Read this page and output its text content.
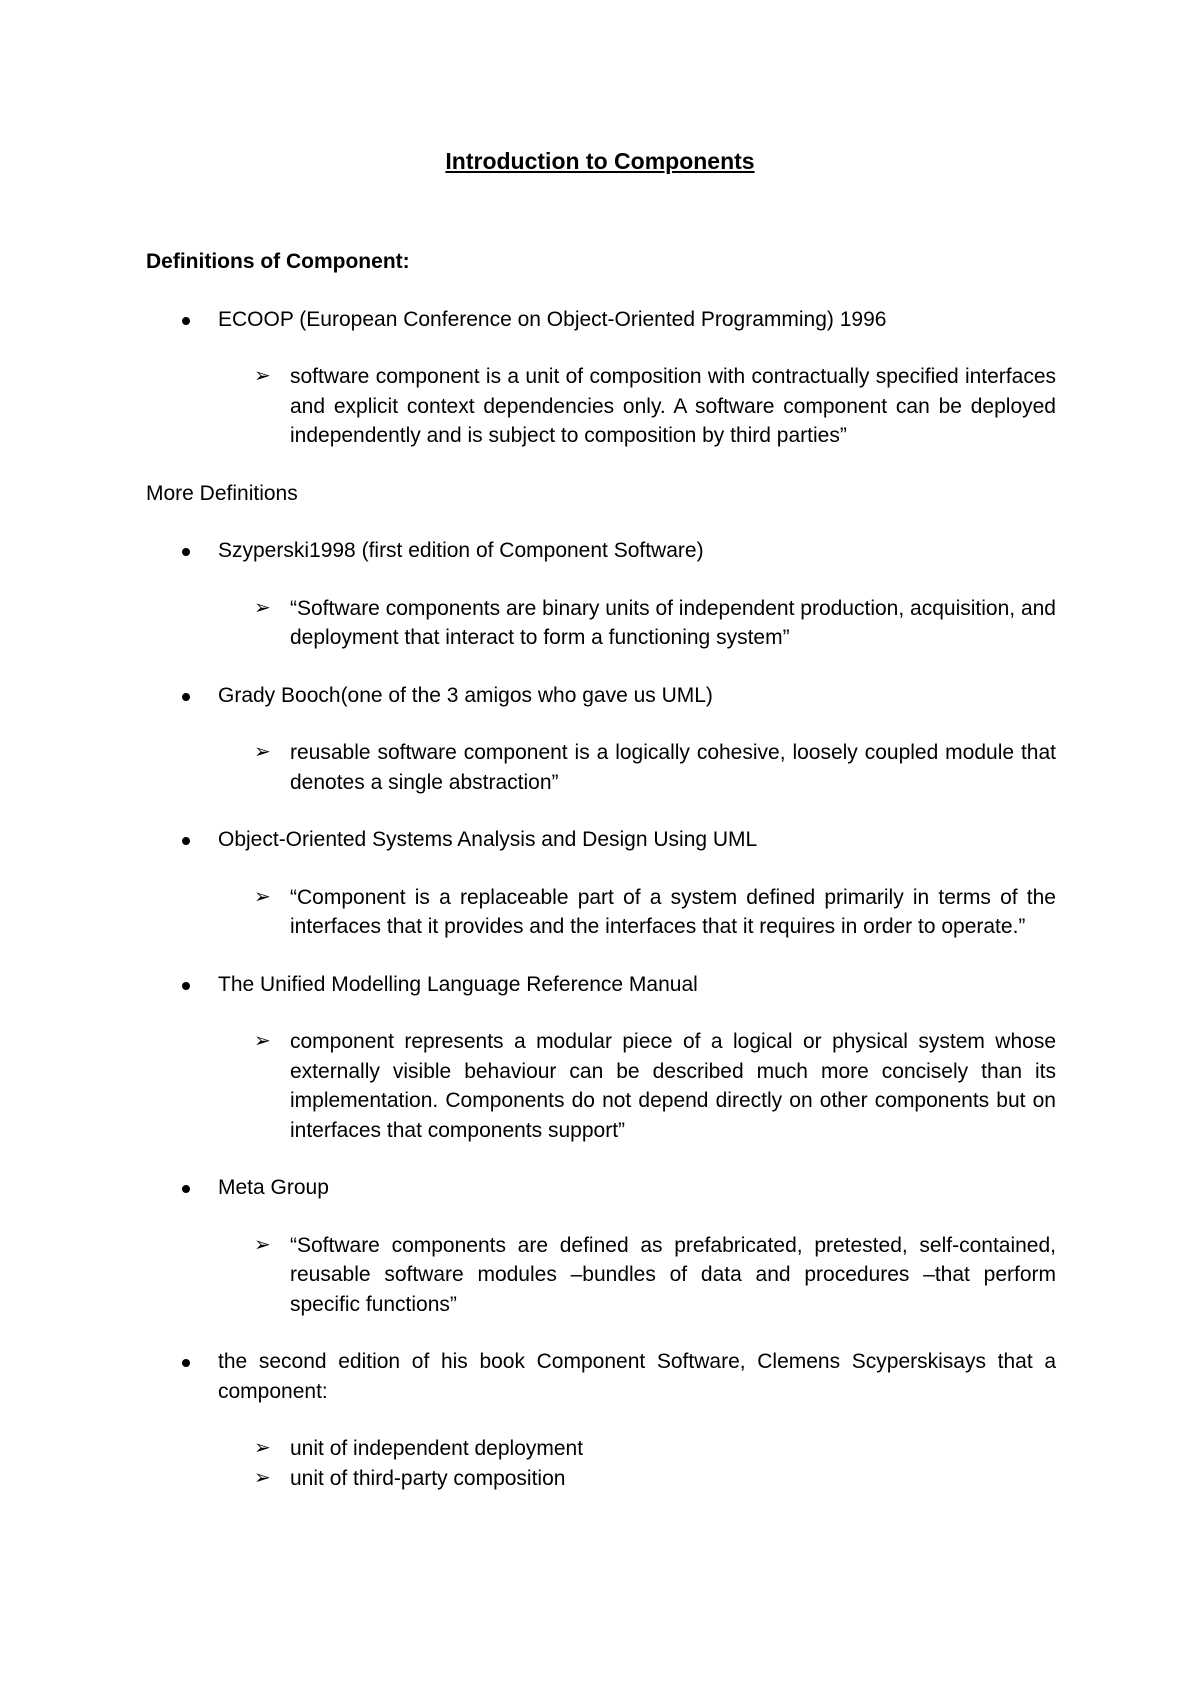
Introduction to Components

Definitions of Component:

ECOOP (European Conference on Object-Oriented Programming) 1996
➢ software component is a unit of composition with contractually specified interfaces and explicit context dependencies only. A software component can be deployed independently and is subject to composition by third parties”

More Definitions

Szyperski1998 (first edition of Component Software)
➢ “Software components are binary units of independent production, acquisition, and deployment that interact to form a functioning system”
Grady Booch(one of the 3 amigos who gave us UML)
➢ reusable software component is a logically cohesive, loosely coupled module that denotes a single abstraction”
Object-Oriented Systems Analysis and Design Using UML
➢ “Component is a replaceable part of a system defined primarily in terms of the interfaces that it provides and the interfaces that it requires in order to operate.”
The Unified Modelling Language Reference Manual
➢ component represents a modular piece of a logical or physical system whose externally visible behaviour can be described much more concisely than its implementation. Components do not depend directly on other components but on interfaces that components support”
Meta Group
➢ “Software components are defined as prefabricated, pretested, self-contained, reusable software modules –bundles of data and procedures –that perform specific functions”
the second edition of his book Component Software, Clemens Scyperskisays that a component:
➢ unit of independent deployment
➢ unit of third-party composition
